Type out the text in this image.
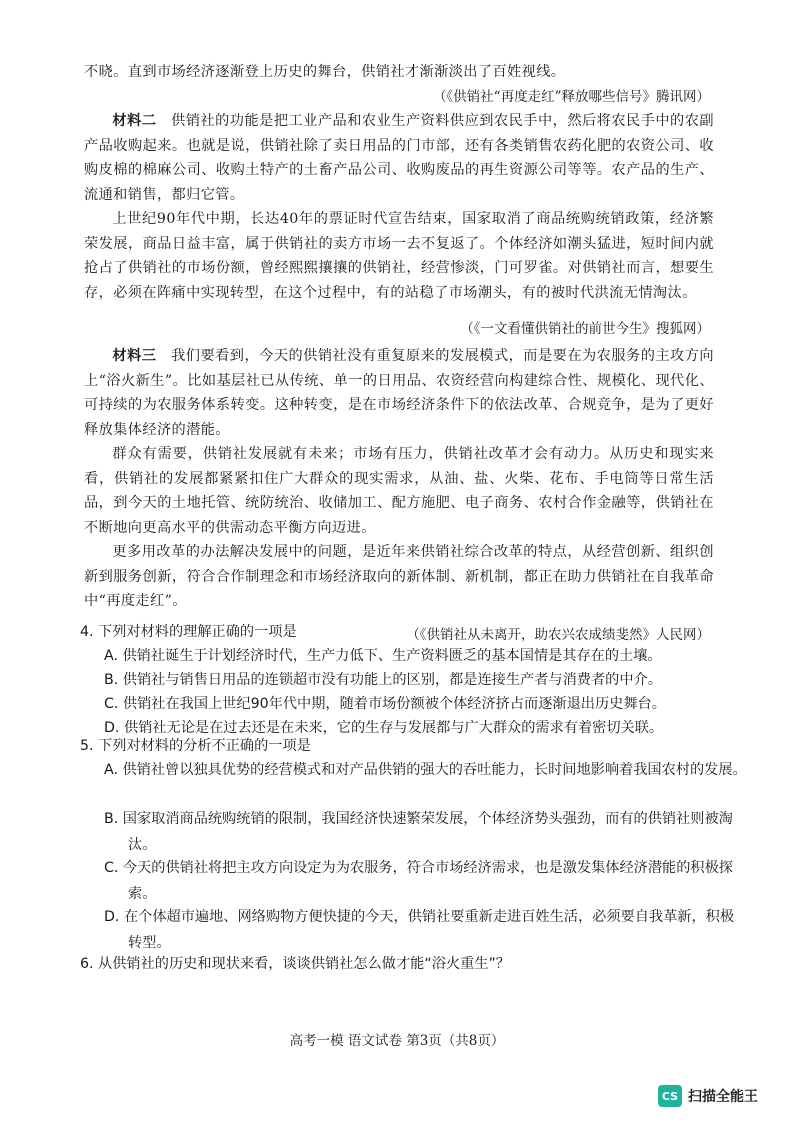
不晓。直到市场经济逐渐登上历史的舞台，供销社才渐渐淡出了百姓视线。

（《供销社“再度走红”释放哪些信号》腾讯网）

材料二　 供销社的功能是把工业产品和农业生产资料供应到农民手中，然后将农民手中的农副产品收购起来。也就是说，供销社除了卖日用品的门市部，还有各类销售农药化肥的农资公司、收购皮棉的棉麻公司、收购土特产的土畜产品公司、收购废品的再生资源公司等等。农产品的生产、流通和销售，都归它管。

上世纪90年代中期，长达40年的票证时代宣告结束，国家取消了商品统购统销政策，经济繁荣发展，商品日益丰富，属于供销社的卖方市场一去不复返了。个体经济如潮头猛进，短时间内就抢占了供销社的市场份额，曾经熙熙攘攘的供销社，经营惨淡，门可罗雀。对供销社而言，想要生存，必须在阵痛中实现转型，在这个过程中，有的站稳了市场潮头，有的被时代洪流无情淘汰。

（《一文看懂供销社的前世今生》搜狐网）

材料三　 我们要看到，今天的供销社没有重复原来的发展模式，而是要在为农服务的主攻方向上“浴火新生”。比如基层社已从传统、单一的日用品、农资经营向构建综合性、规模化、现代化、可持续的为农服务体系转变。这种转变，是在市场经济条件下的依法改革、合规竞争，是为了更好释放集体经济的潜能。

群众有需要，供销社发展就有未来；市场有压力，供销社改革才会有动力。从历史和现实来看，供销社的发展都紧紧扣住广大群众的现实需求，从油、盐、火柴、花布、手电筒等日常生活品，到今天的土地托管、统防统治、收储加工、配方施肥、电子商务、农村合作金融等，供销社在不断地向更高水平的供需动态平衡方向迈进。

更多用改革的办法解决发展中的问题，是近年来供销社综合改革的特点，从经营创新、组织创新到服务创新，符合合作制理念和市场经济取向的新体制、新机制，都正在助力供销社在自我革命中“再度走红”。

（《供销社从未离开，助农兴农成绩斐然》人民网）

4. 下列对材料的理解正确的一项是

A. 供销社诞生于计划经济时代，生产力低下、生产资料匮乏的基本国情是其存在的土壤。

B. 供销社与销售日用品的连锁超市没有功能上的区别，都是连接生产者与消费者的中介。

C. 供销社在我国上世纪90年代中期，随着市场份额被个体经济挤占而逐渐退出历史舞台。

D. 供销社无论是在过去还是在未来，它的生存与发展都与广大群众的需求有着密切关联。

5. 下列对材料的分析不正确的一项是

A. 供销社曾以独具优势的经营模式和对产品供销的强大的吞吐能力，长时间地影响着我国农村的发展。

B. 国家取消商品统购统销的限制，我国经济快速繁荣发展，个体经济势头强劲，而有的供销社则被淘汰。

C. 今天的供销社将把主攻方向设定为为农服务，符合市场经济需求，也是激发集体经济潜能的积极探索。

D. 在个体超市遍地、网络购物方便快捷的今天，供销社要重新走进百姓生活，必须要自我革新，积极转型。

6. 从供销社的历史和现状来看，谈谈供销社怎么做才能“浴火重生”？

高考一模 语文试卷 第3页（共8页）
CS 扫描全能王
